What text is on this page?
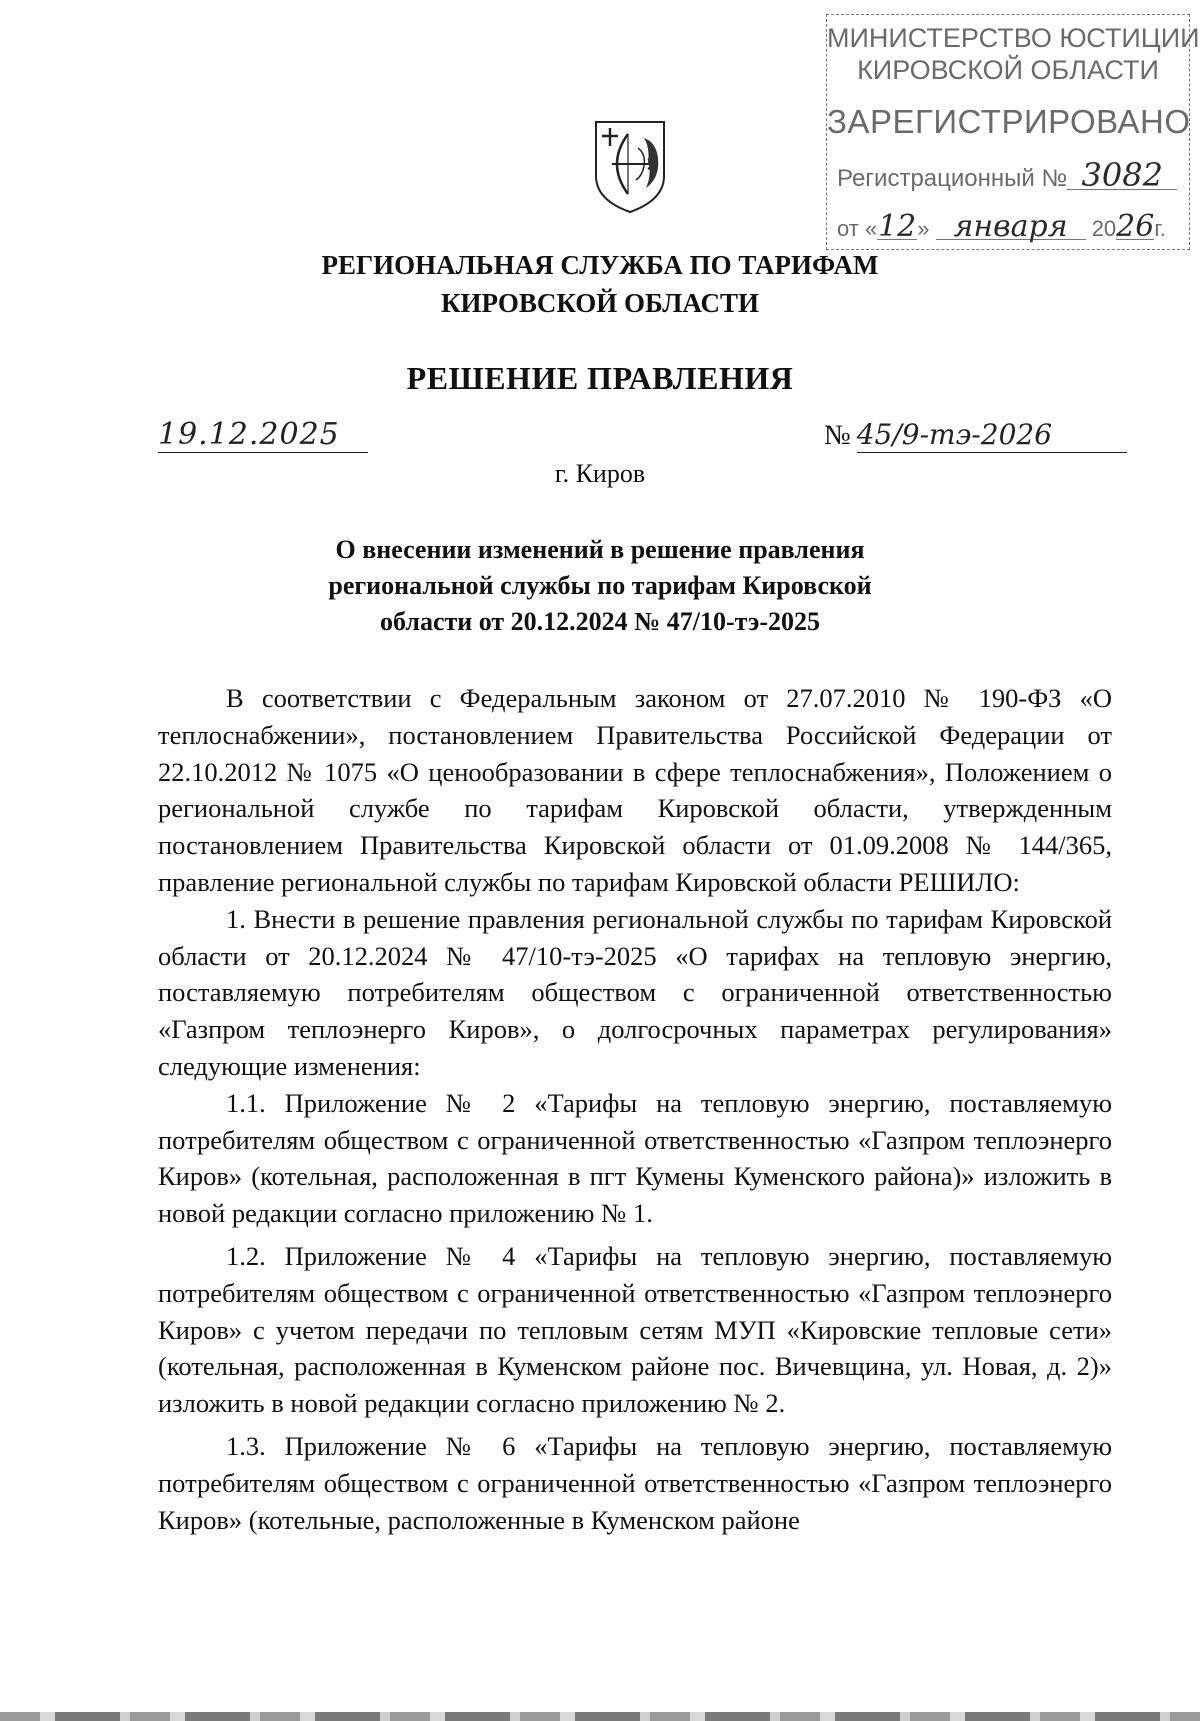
МИНИСТЕРСТВО ЮСТИЦИИ
КИРОВСКОЙ ОБЛАСТИ
ЗАРЕГИСТРИРОВАНО
Регистрационный № 3082
от «12» января 2026г.
РЕГИОНАЛЬНАЯ СЛУЖБА ПО ТАРИФАМ
КИРОВСКОЙ ОБЛАСТИ
РЕШЕНИЕ ПРАВЛЕНИЯ
19.12.2025	№ 45/9-тэ-2026
г. Киров
О внесении изменений в решение правления
региональной службы по тарифам Кировской
области от 20.12.2024 № 47/10-тэ-2025

В соответствии с Федеральным законом от 27.07.2010 № 190-ФЗ «О теплоснабжении», постановлением Правительства Российской Федерации от 22.10.2012 № 1075 «О ценообразовании в сфере теплоснабжения», Положением о региональной службе по тарифам Кировской области, утвержденным постановлением Правительства Кировской области от 01.09.2008 № 144/365, правление региональной службы по тарифам Кировской области РЕШИЛО:

1. Внести в решение правления региональной службы по тарифам Кировской области от 20.12.2024 № 47/10-тэ-2025 «О тарифах на тепловую энергию, поставляемую потребителям обществом с ограниченной ответственностью «Газпром теплоэнерго Киров», о долгосрочных параметрах регулирования» следующие изменения:

1.1. Приложение № 2 «Тарифы на тепловую энергию, поставляемую потребителям обществом с ограниченной ответственностью «Газпром теплоэнерго Киров» (котельная, расположенная в пгт Кумены Куменского района)» изложить в новой редакции согласно приложению № 1.

1.2. Приложение № 4 «Тарифы на тепловую энергию, поставляемую потребителям обществом с ограниченной ответственностью «Газпром теплоэнерго Киров» с учетом передачи по тепловым сетям МУП «Кировские тепловые сети» (котельная, расположенная в Куменском районе пос. Вичевщина, ул. Новая, д. 2)» изложить в новой редакции согласно приложению № 2.

1.3. Приложение № 6 «Тарифы на тепловую энергию, поставляемую потребителям обществом с ограниченной ответственностью «Газпром теплоэнерго Киров» (котельные, расположенные в Куменском районе
